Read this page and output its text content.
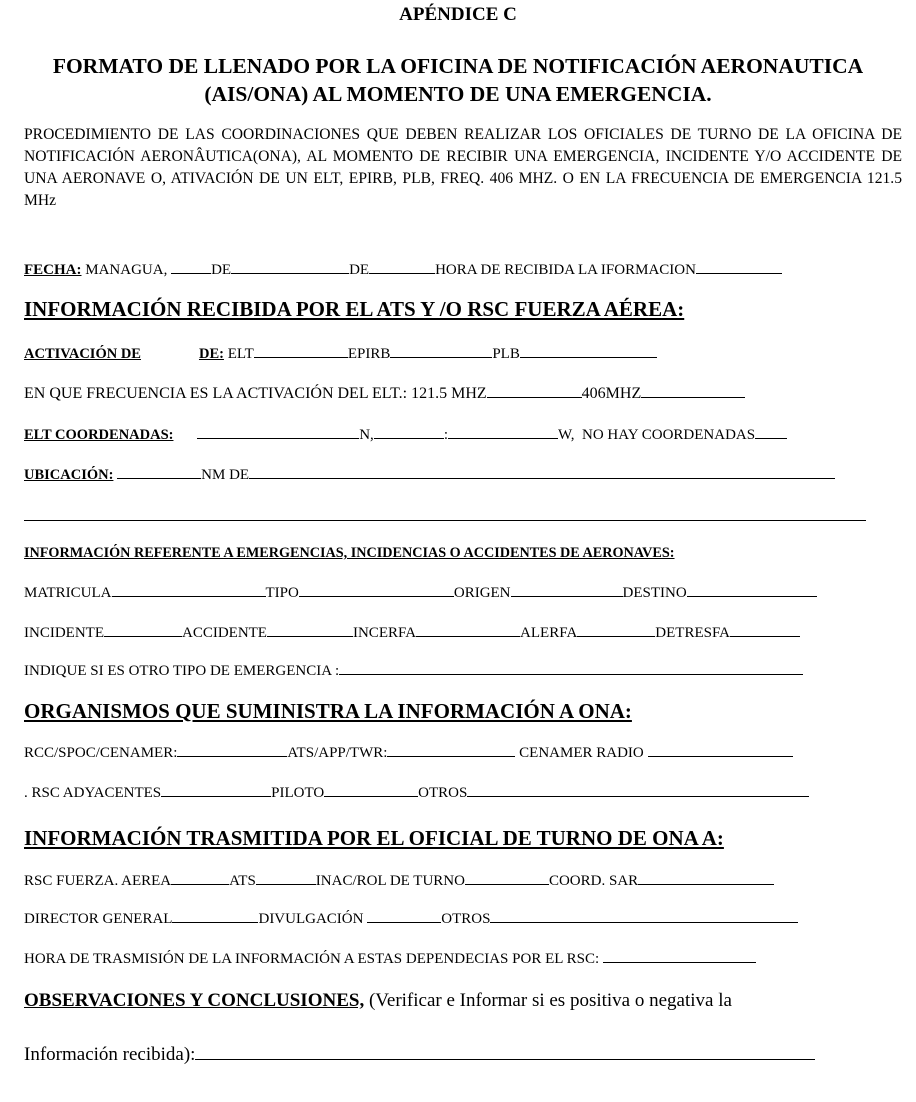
APÉNDICE C
FORMATO DE LLENADO POR LA OFICINA DE NOTIFICACIÓN AERONAUTICA
(AIS/ONA) AL MOMENTO DE UNA EMERGENCIA.
PROCEDIMIENTO DE LAS COORDINACIONES QUE DEBEN REALIZAR LOS OFICIALES DE TURNO DE LA OFICINA DE NOTIFICACIÓN AERONÂUTICA(ONA), AL MOMENTO DE RECIBIR UNA EMERGENCIA, INCIDENTE Y/O ACCIDENTE DE UNA AERONAVE O, ATIVACIÓN DE UN ELT, EPIRB, PLB, FREQ. 406 MHZ. O EN LA FRECUENCIA DE EMERGENCIA 121.5 MHz
FECHA: MANAGUA,	DE	DE	HORA DE RECIBIDA LA IFORMACION
INFORMACIÓN RECIBIDA POR EL ATS Y /O RSC FUERZA AÉREA:
ACTIVACIÓN DE	DE: ELT	EPIRB	PLB
EN QUE FRECUENCIA ES LA ACTIVACIÓN DEL ELT.: 121.5 MHZ	406MHZ
ELT COORDENADAS:	N,	:	W, NO HAY COORDENADAS
UBICACIÓN:	NM DE
INFORMACIÓN REFERENTE A EMERGENCIAS, INCIDENCIAS O ACCIDENTES DE AERONAVES:
MATRICULA	TIPO	ORIGEN	DESTINO
INCIDENTE	ACCIDENTE	INCERFA	ALERFA	DETRESFA
INDIQUE SI ES OTRO TIPO DE EMERGENCIA :
ORGANISMOS QUE SUMINISTRA LA INFORMACIÓN A ONA:
RCC/SPOC/CENAMER:	ATS/APP/TWR:	CENAMER RADIO
. RSC ADYACENTES	PILOTO	OTROS
INFORMACIÓN TRASMITIDA POR EL OFICIAL DE TURNO DE ONA A:
RSC FUERZA. AEREA	ATS	INAC/ROL DE TURNO	COORD. SAR
DIRECTOR GENERAL	DIVULGACIÓN	OTROS
HORA DE TRASMISIÓN DE LA INFORMACIÓN A ESTAS DEPENDECIAS POR EL RSC:
OBSERVACIONES Y CONCLUSIONES, (Verificar e Informar si es positiva o negativa la
Información recibida):
